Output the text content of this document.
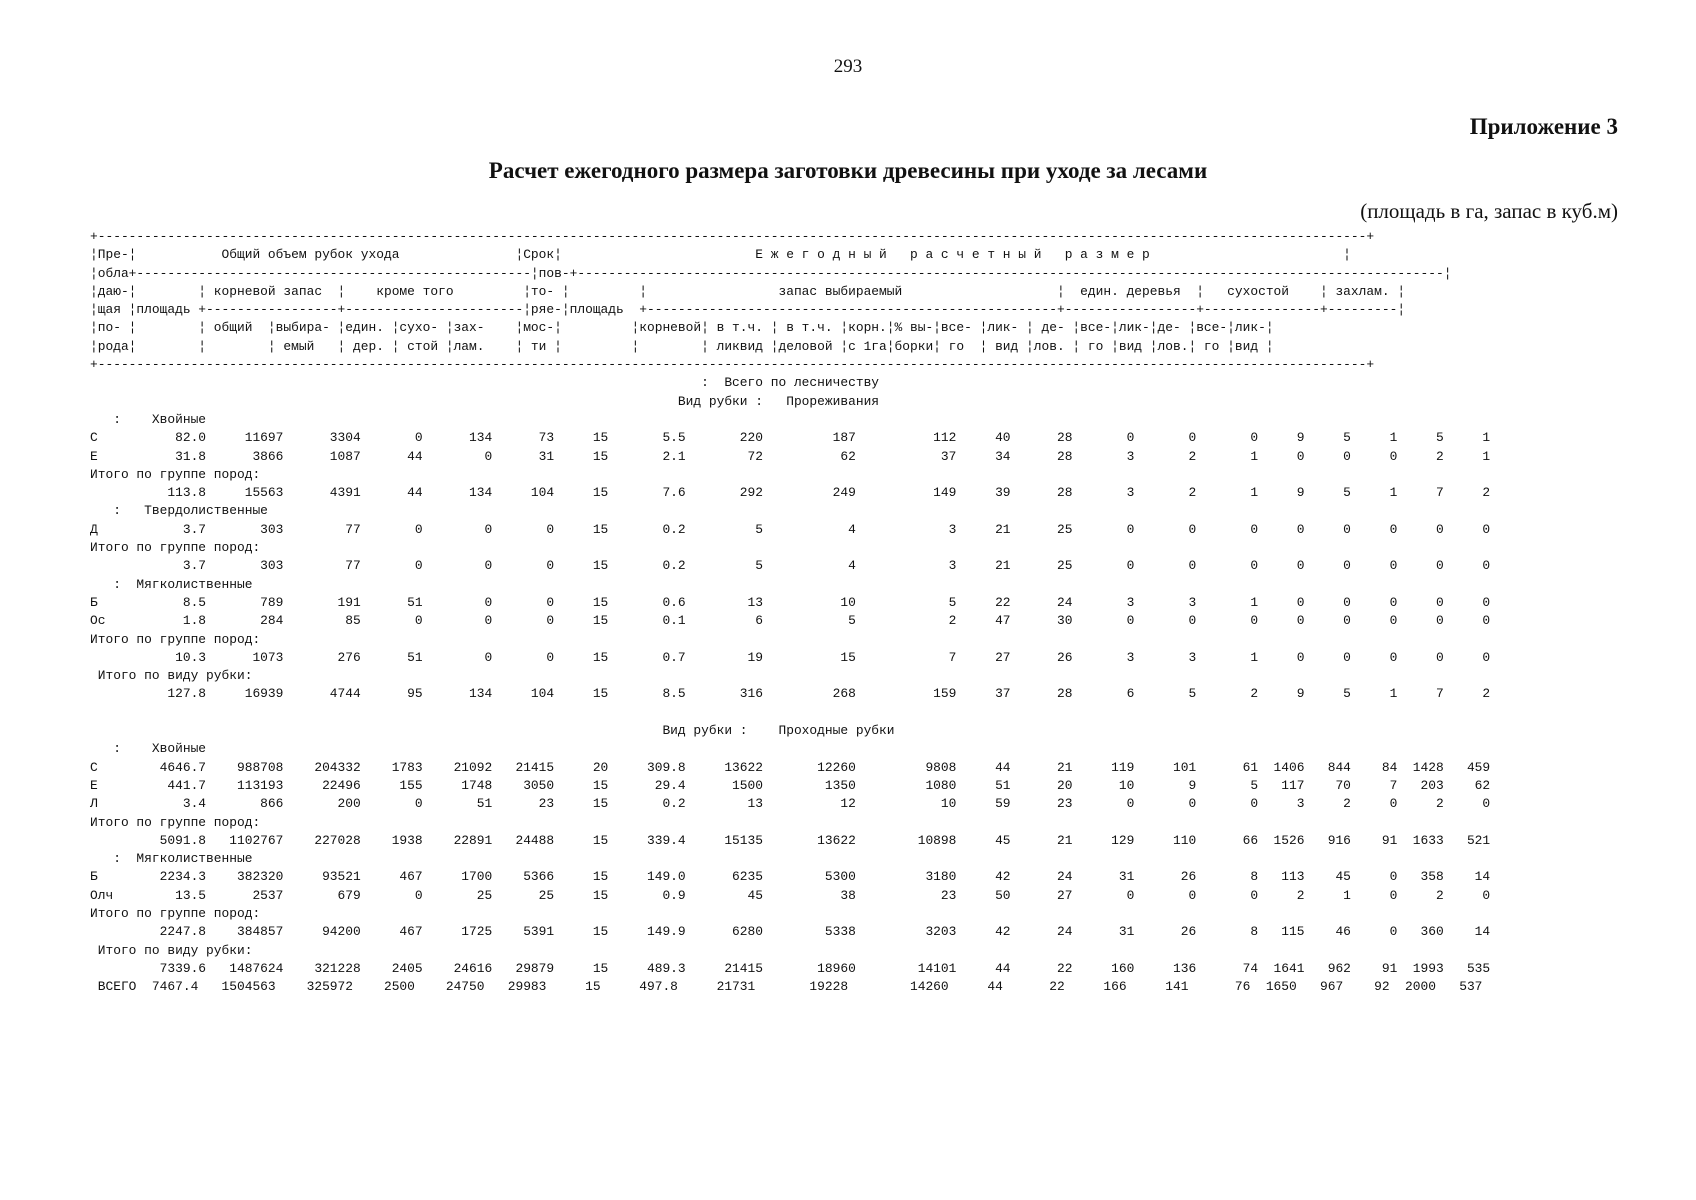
293
Приложение 3
Расчет ежегодного размера заготовки древесины при уходе за лесами
(площадь в га, запас в куб.м)
+--------------------------------------------------------------------------------------------------------------------------------------------------------------------+
¦Пре-¦           Общий объем рубок ухода               ¦Срок¦                         Е ж е г о д н ы й   р а с ч е т н ы й   р а з м е р                         ¦
¦обла+---------------------------------------------------¦пов-+----------------------------------------------------------------------------------------------------------------¦
¦даю-¦        ¦ корневой запас  ¦    кроме того         ¦то- ¦         ¦                 запас выбираемый                    ¦  един. деревья  ¦   сухостой    ¦ захлам. ¦
¦щая ¦площадь +-----------------+-----------------------¦ряе-¦площадь  +-----------------------------------------------------+-----------------+---------------+---------¦
¦по- ¦        ¦ общий  ¦выбира- ¦един. ¦сухо- ¦зах-    ¦мос-¦         ¦корневой¦ в т.ч. ¦ в т.ч. ¦корн.¦% вы-¦все- ¦лик- ¦ де- ¦все-¦лик-¦де- ¦все-¦лик-¦
¦рода¦        ¦        ¦ емый   ¦ дер. ¦ стой ¦лам.    ¦ ти ¦         ¦        ¦ ликвид ¦деловой ¦с 1га¦борки¦ го  ¦ вид ¦лов. ¦ го ¦вид ¦лов.¦ го ¦вид ¦
+--------------------------------------------------------------------------------------------------------------------------------------------------------------------+
:  Всего по лесничеству
Вид рубки :   Прореживания
:    Хвойные
С          82.0     11697      3304       0      134      73     15       5.5       220         187          112     40      28       0       0       0     9     5     1     5     1
Е          31.8      3866      1087      44        0      31     15       2.1        72          62           37     34      28       3       2       1     0     0     0     2     1
Итого по группе пород:
113.8     15563      4391      44      134     104     15       7.6       292         249          149     39      28       3       2       1     9     5     1     7     2
:   Твердолиственные
Д           3.7       303        77       0        0       0     15       0.2         5           4            3     21      25       0       0       0     0     0     0     0     0
Итого по группе пород:
3.7       303        77       0        0       0     15       0.2         5           4            3     21      25       0       0       0     0     0     0     0     0
:  Мягколиственные
Б           8.5       789       191      51        0       0     15       0.6        13          10            5     22      24       3       3       1     0     0     0     0     0
Ос          1.8       284        85       0        0       0     15       0.1         6           5            2     47      30       0       0       0     0     0     0     0     0
Итого по группе пород:
10.3      1073       276      51        0       0     15       0.7        19          15            7     27      26       3       3       1     0     0     0     0     0
Итого по виду рубки:
127.8     16939      4744      95      134     104     15       8.5       316         268          159     37      28       6       5       2     9     5     1     7     2

Вид рубки :    Проходные рубки
:    Хвойные
С        4646.7    988708    204332    1783    21092   21415     20     309.8     13622       12260         9808     44      21     119     101      61  1406   844    84  1428   459
Е         441.7    113193     22496     155     1748    3050     15      29.4      1500        1350         1080     51      20      10       9       5   117    70     7   203    62
Л           3.4       866       200       0       51      23     15       0.2        13          12           10     59      23       0       0       0     3     2     0     2     0
Итого по группе пород:
5091.8   1102767    227028    1938    22891   24488     15     339.4     15135       13622        10898     45      21     129     110      66  1526   916    91  1633   521
:  Мягколиственные
Б        2234.3    382320     93521     467     1700    5366     15     149.0      6235        5300         3180     42      24      31      26       8   113    45     0   358    14
Олч        13.5      2537       679       0       25      25     15       0.9        45          38           23     50      27       0       0       0     2     1     0     2     0
Итого по группе пород:
2247.8    384857     94200     467     1725    5391     15     149.9      6280        5338         3203     42      24      31      26       8   115    46     0   360    14
Итого по виду рубки:
7339.6   1487624    321228    2405    24616   29879     15     489.3     21415       18960        14101     44      22     160     136      74  1641   962    91  1993   535
ВСЕГО  7467.4   1504563    325972    2500    24750   29983     15     497.8     21731       19228        14260     44      22     166     141      76  1650   967    92  2000   537
